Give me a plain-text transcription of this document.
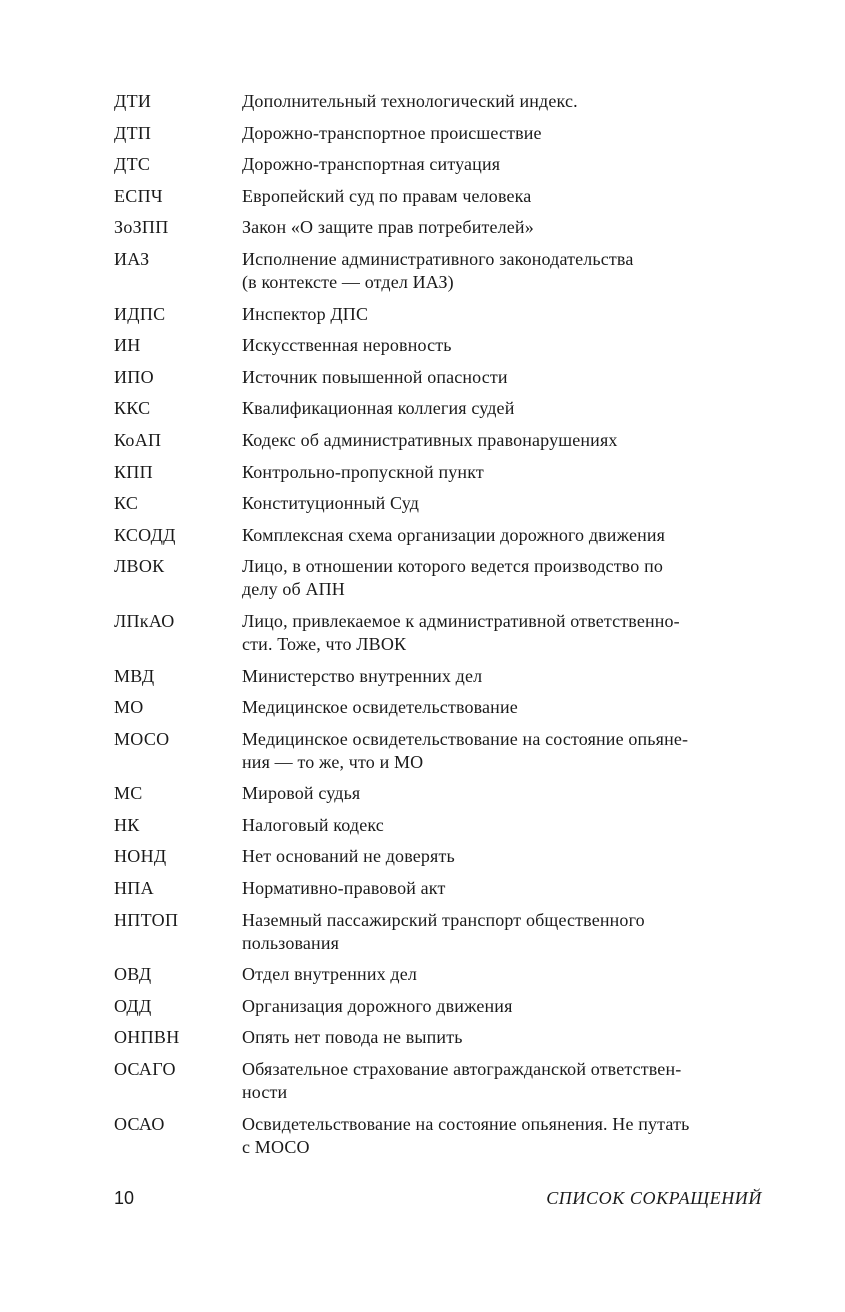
ДТИ	Дополнительный технологический индекс.
ДТП	Дорожно-транспортное происшествие
ДТС	Дорожно-транспортная ситуация
ЕСПЧ	Европейский суд по правам человека
ЗоЗПП	Закон «О защите прав потребителей»
ИАЗ	Исполнение административного законодательства
(в контексте — отдел ИАЗ)
ИДПС	Инспектор ДПС
ИН	Искусственная неровность
ИПО	Источник повышенной опасности
ККС	Квалификационная коллегия судей
КоАП	Кодекс об административных правонарушениях
КПП	Контрольно-пропускной пункт
КС	Конституционный Суд
КСОДД	Комплексная схема организации дорожного движения
ЛВОК	Лицо, в отношении которого ведется производство по
делу об АПН
ЛПкАО	Лицо, привлекаемое к административной ответственно-
сти. Тоже, что ЛВОК
МВД	Министерство внутренних дел
МО	Медицинское освидетельствование
МОСО	Медицинское освидетельствование на состояние опьяне-
ния — то же, что и МО
МС	Мировой судья
НК	Налоговый кодекс
НОНД	Нет оснований не доверять
НПА	Нормативно-правовой акт
НПТОП	Наземный пассажирский транспорт общественного
пользования
ОВД	Отдел внутренних дел
ОДД	Организация дорожного движения
ОНПВН	Опять нет повода не выпить
ОСАГО	Обязательное страхование автогражданской ответствен-
ности
ОСАО	Освидетельствование на состояние опьянения. Не путать
с МОСО
10	СПИСОК СОКРАЩЕНИЙ
